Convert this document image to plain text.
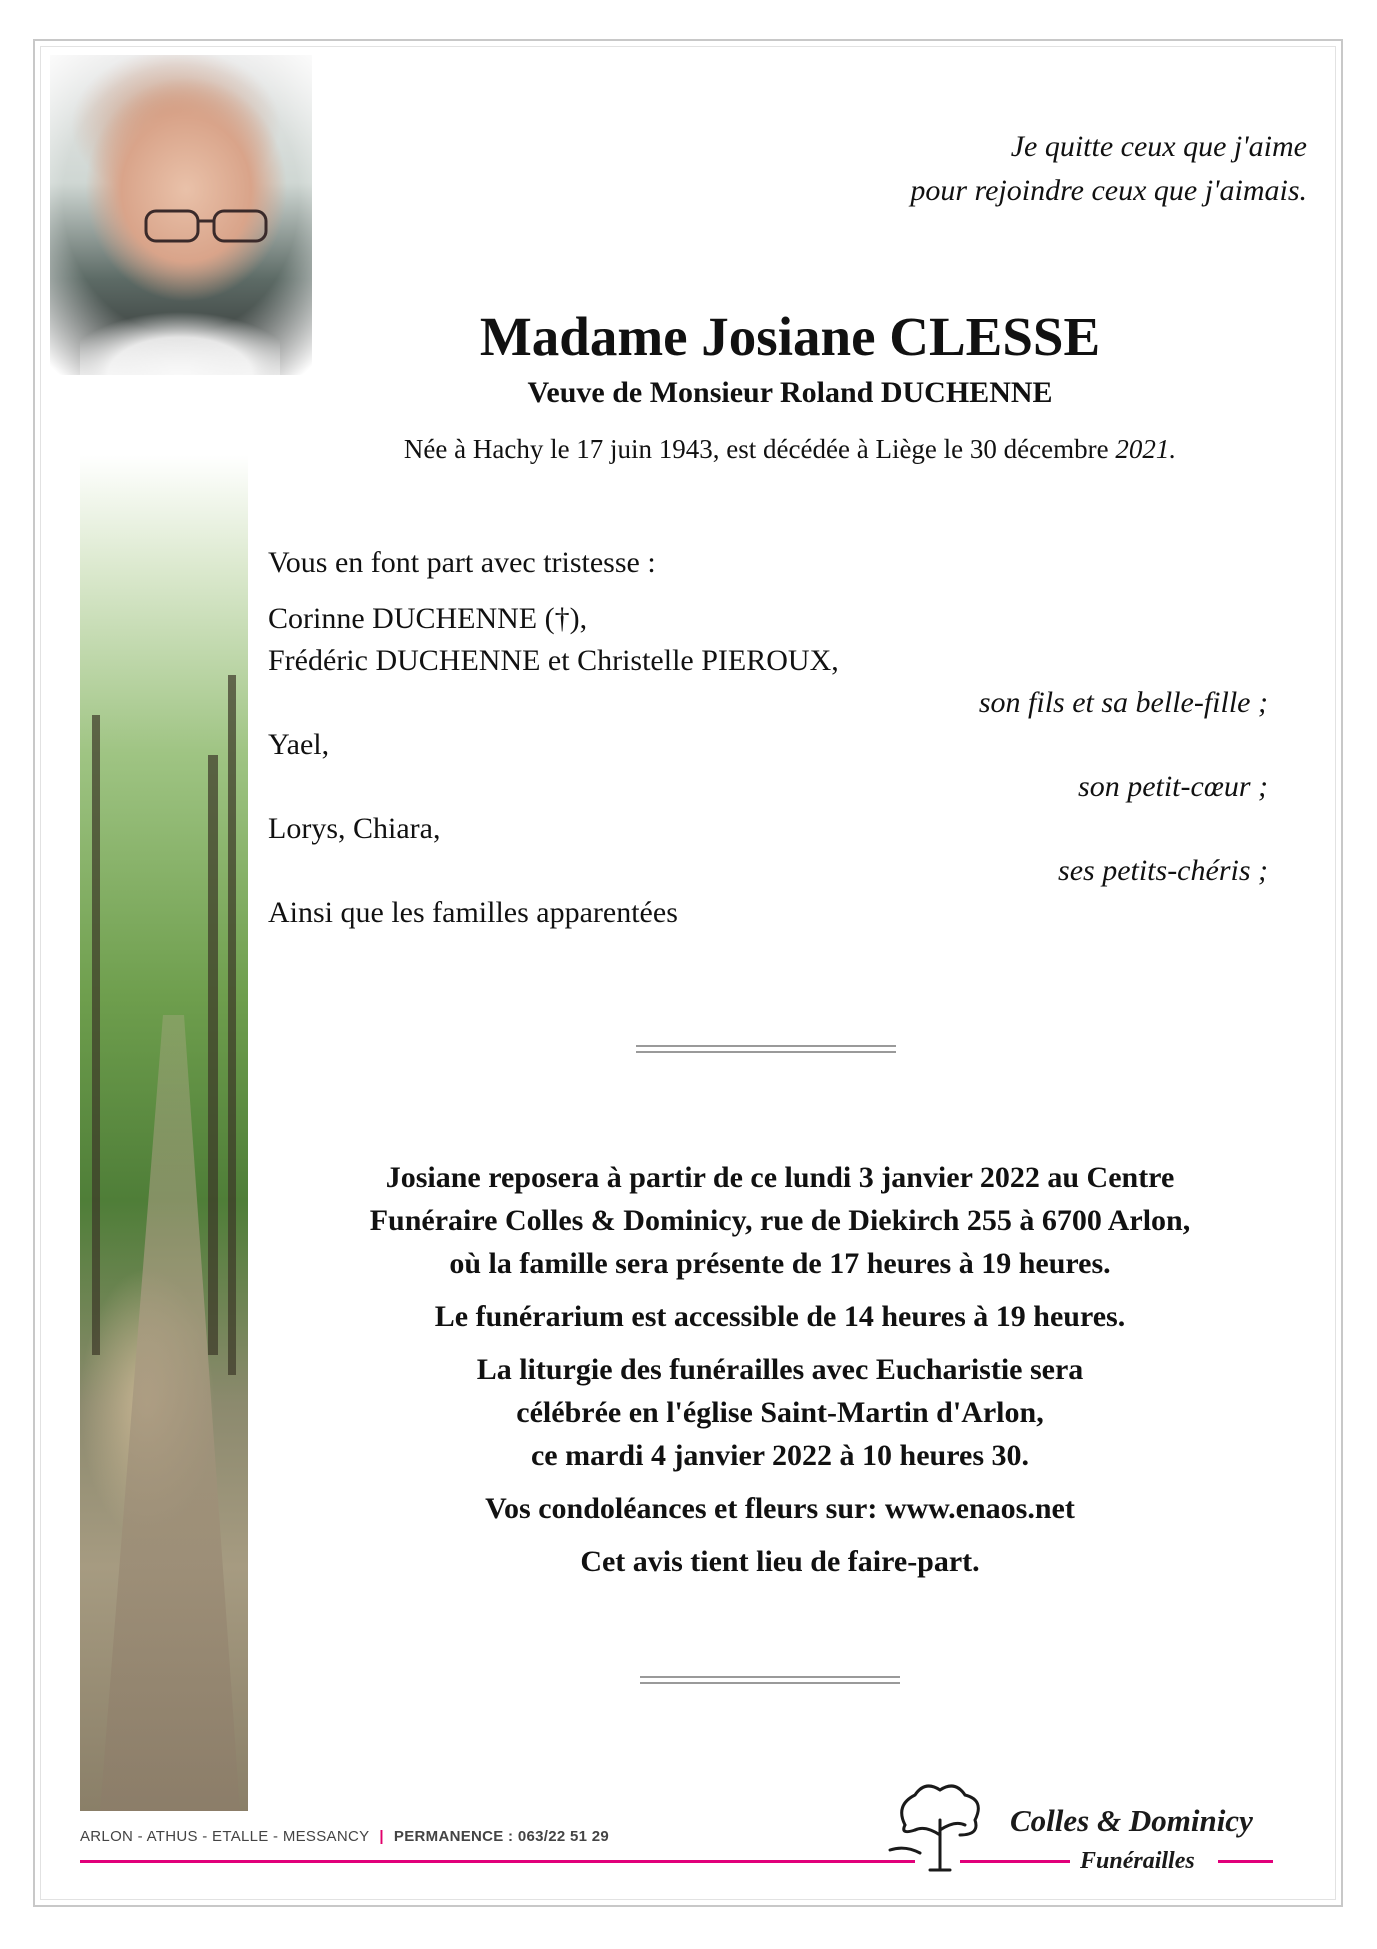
Je quitte ceux que j'aime
pour rejoindre ceux que j'aimais.
Madame Josiane CLESSE
Veuve de Monsieur Roland DUCHENNE
Née à Hachy le 17 juin 1943, est décédée à Liège le 30 décembre 2021.
Vous en font part avec tristesse :
Corinne DUCHENNE (†),
Frédéric DUCHENNE et Christelle PIEROUX,
son fils et sa belle-fille ;
Yael,
son petit-cœur ;
Lorys, Chiara,
ses petits-chéris ;
Ainsi que les familles apparentées

Josiane reposera à partir de ce lundi 3 janvier 2022 au Centre
Funéraire Colles & Dominicy, rue de Diekirch 255 à 6700 Arlon,
où la famille sera présente de 17 heures à 19 heures.

Le funérarium est accessible de 14 heures à 19 heures.

La liturgie des funérailles avec Eucharistie sera
célébrée en l'église Saint-Martin d'Arlon,
ce mardi 4 janvier 2022 à 10 heures 30.

Vos condoléances et fleurs sur: www.enaos.net

Cet avis tient lieu de faire-part.

ARLON - ATHUS - ETALLE - MESSANCY | PERMANENCE : 063/22 51 29	Colles & Dominicy
Funérailles
